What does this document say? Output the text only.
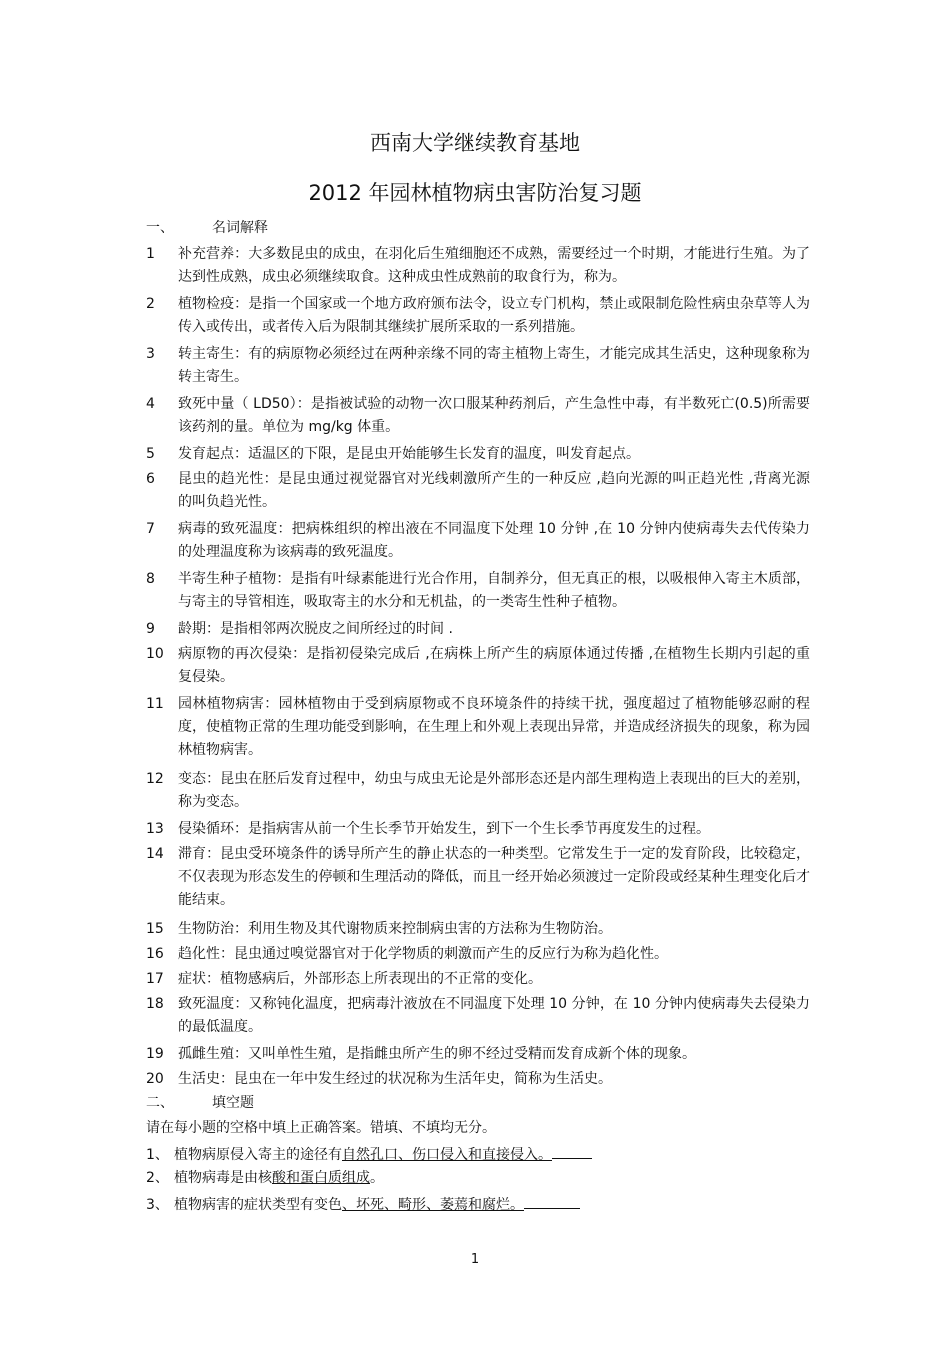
西南大学继续教育基地
2012 年园林植物病虫害防治复习题
一、	名词解释
1	补充营养：大多数昆虫的成虫，在羽化后生殖细胞还不成熟，需要经过一个时期，才能进行生殖。为了达到性成熟，成虫必须继续取食。这种成虫性成熟前的取食行为，称为。
2	植物检疫：是指一个国家或一个地方政府颁布法令，设立专门机构，禁止或限制危险性病虫杂草等人为传入或传出，或者传入后为限制其继续扩展所采取的一系列措施。
3	转主寄生：有的病原物必须经过在两种亲缘不同的寄主植物上寄生，才能完成其生活史，这种现象称为转主寄生。
4	致死中量（ LD50）：是指被试验的动物一次口服某种药剂后，产生急性中毒，有半数死亡(0.5)所需要该药剂的量。单位为 mg/kg 体重。
5	发育起点：适温区的下限，是昆虫开始能够生长发育的温度，叫发育起点。
6	昆虫的趋光性：是昆虫通过视觉器官对光线刺激所产生的一种反应 ,趋向光源的叫正趋光性 ,背离光源的叫负趋光性。
7	病毒的致死温度：把病株组织的榨出液在不同温度下处理 10 分钟 ,在 10 分钟内使病毒失去代传染力的处理温度称为该病毒的致死温度。
8	半寄生种子植物：是指有叶绿素能进行光合作用，自制养分，但无真正的根，以吸根伸入寄主木质部，与寄主的导管相连，吸取寄主的水分和无机盐，的一类寄生性种子植物。
9	龄期：是指相邻两次脱皮之间所经过的时间 .
10	病原物的再次侵染：是指初侵染完成后 ,在病株上所产生的病原体通过传播 ,在植物生长期内引起的重复侵染。
11	园林植物病害：园林植物由于受到病原物或不良环境条件的持续干扰，强度超过了植物能够忍耐的程度，使植物正常的生理功能受到影响，在生理上和外观上表现出异常，并造成经济损失的现象，称为园林植物病害。
12	变态：昆虫在胚后发育过程中，幼虫与成虫无论是外部形态还是内部生理构造上表现出的巨大的差别，称为变态。
13	侵染循环：是指病害从前一个生长季节开始发生，到下一个生长季节再度发生的过程。
14	滞育：昆虫受环境条件的诱导所产生的静止状态的一种类型。它常发生于一定的发育阶段，比较稳定，不仅表现为形态发生的停顿和生理活动的降低，而且一经开始必须渡过一定阶段或经某种生理变化后才能结束。
15	生物防治：利用生物及其代谢物质来控制病虫害的方法称为生物防治。
16	趋化性：昆虫通过嗅觉器官对于化学物质的刺激而产生的反应行为称为趋化性。
17	症状：植物感病后，外部形态上所表现出的不正常的变化。
18	致死温度：又称钝化温度，把病毒汁液放在不同温度下处理 10 分钟，在 10 分钟内使病毒失去侵染力的最低温度。
19	孤雌生殖：又叫单性生殖，是指雌虫所产生的卵不经过受精而发育成新个体的现象。
20	生活史：昆虫在一年中发生经过的状况称为生活年史，简称为生活史。
二、	填空题
请在每小题的空格中填上正确答案。错填、不填均无分。
1、 植物病原侵入寄主的途径有自然孔口、伤口侵入和直接侵入。
2、 植物病毒是由核酸和蛋白质组成。
3、 植物病害的症状类型有变色、坏死、畸形、萎蔫和腐烂。
1
